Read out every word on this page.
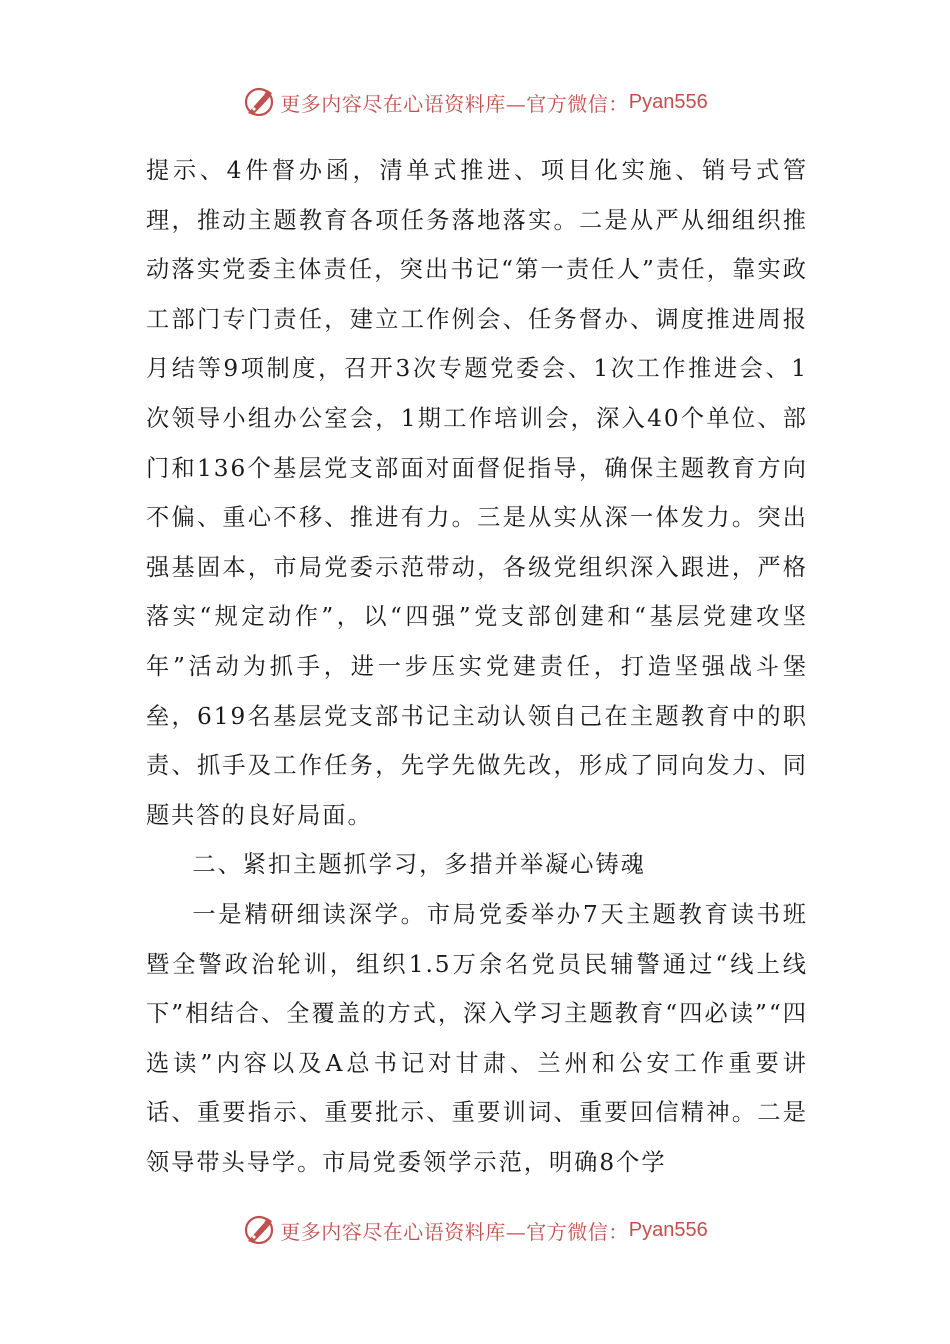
更多内容尽在心语资料库—官方微信： Pyan556

提示、4件督办函，清单式推进、项目化实施、销号式管理，推动主题教育各项任务落地落实。二是从严从细组织推动落实党委主体责任，突出书记“第一责任人”责任，靠实政工部门专门责任，建立工作例会、任务督办、调度推进周报月结等9项制度，召开3次专题党委会、1次工作推进会、1次领导小组办公室会，1期工作培训会，深入40个单位、部门和136个基层党支部面对面督促指导，确保主题教育方向不偏、重心不移、推进有力。三是从实从深一体发力。突出强基固本，市局党委示范带动，各级党组织深入跟进，严格落实“规定动作”，以“四强”党支部创建和“基层党建攻坚年”活动为抓手，进一步压实党建责任，打造坚强战斗堡垒，619名基层党支部书记主动认领自己在主题教育中的职责、抓手及工作任务，先学先做先改，形成了同向发力、同题共答的良好局面。

二、紧扣主题抓学习，多措并举凝心铸魂

一是精研细读深学。市局党委举办7天主题教育读书班暨全警政治轮训，组织1.5万余名党员民辅警通过“线上线下”相结合、全覆盖的方式，深入学习主题教育“四必读”“四选读”内容以及A总书记对甘肃、兰州和公安工作重要讲话、重要指示、重要批示、重要训词、重要回信精神。二是领导带头导学。市局党委领学示范，明确8个学

更多内容尽在心语资料库—官方微信： Pyan556
